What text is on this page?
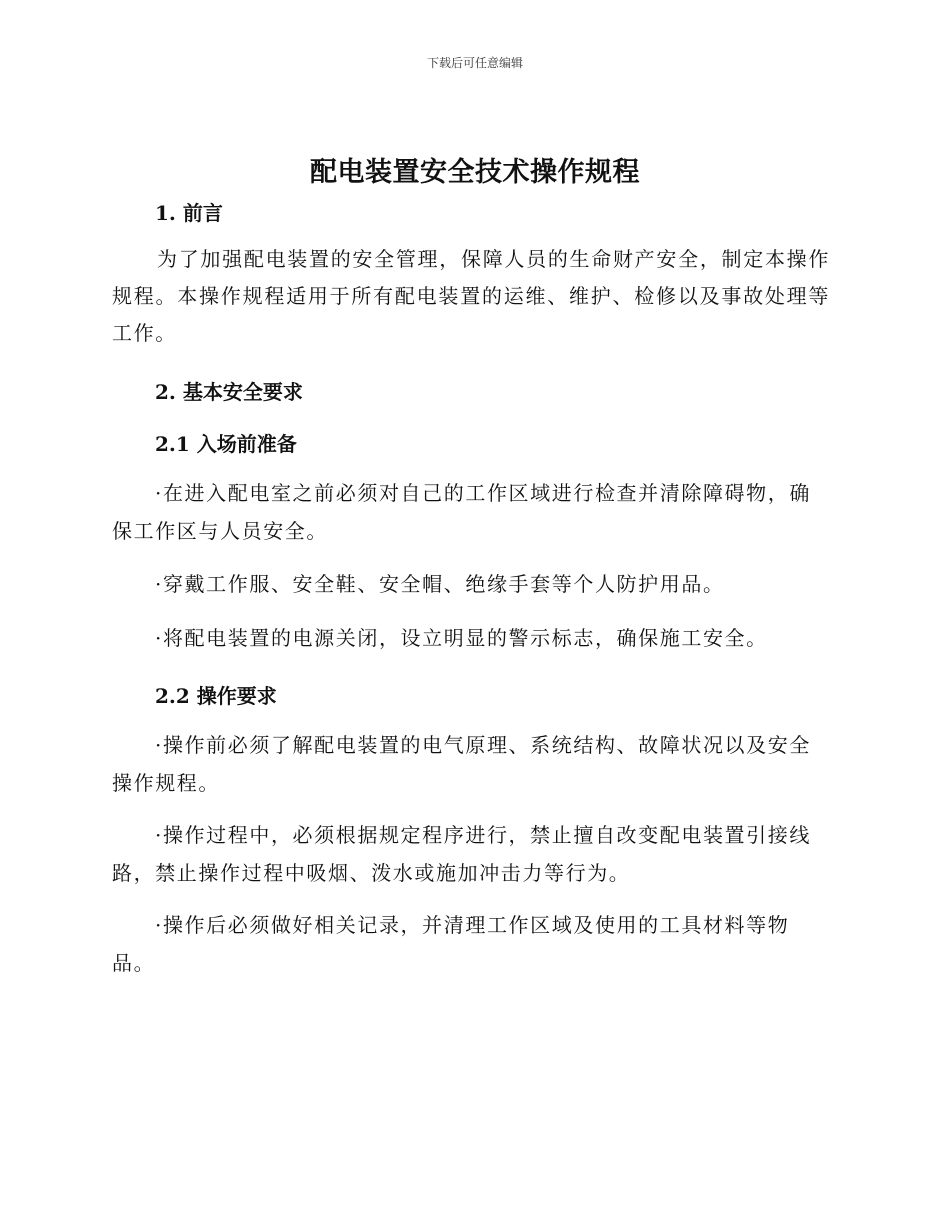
下载后可任意编辑
配电装置安全技术操作规程
1. 前言

为了加强配电装置的安全管理，保障人员的生命财产安全，制定本操作规程。本操作规程适用于所有配电装置的运维、维护、检修以及事故处理等工作。

2. 基本安全要求
2.1 入场前准备

·在进入配电室之前必须对自己的工作区域进行检查并清除障碍物，确保工作区与人员安全。

·穿戴工作服、安全鞋、安全帽、绝缘手套等个人防护用品。

·将配电装置的电源关闭，设立明显的警示标志，确保施工安全。

2.2 操作要求

·操作前必须了解配电装置的电气原理、系统结构、故障状况以及安全操作规程。

·操作过程中，必须根据规定程序进行，禁止擅自改变配电装置引接线路，禁止操作过程中吸烟、泼水或施加冲击力等行为。

·操作后必须做好相关记录，并清理工作区域及使用的工具材料等物品。
